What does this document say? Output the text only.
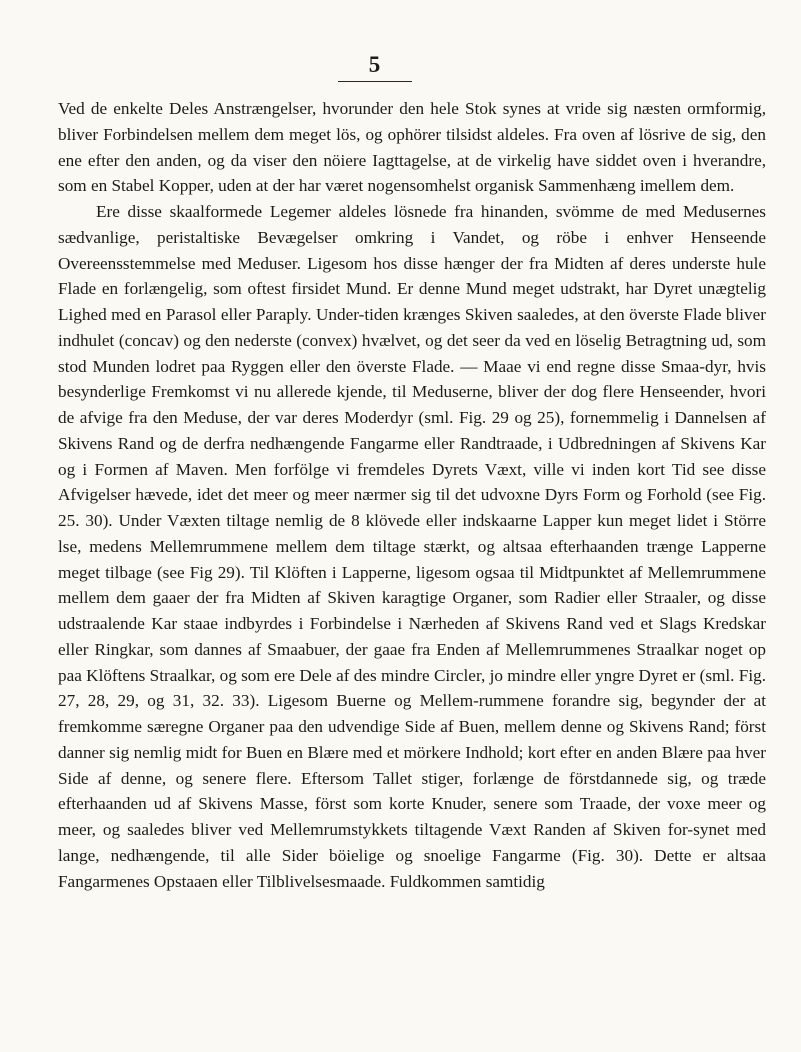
5

Ved de enkelte Deles Anstrængelser, hvorunder den hele Stok synes at vride sig næsten ormformig, bliver Forbindelsen mellem dem meget lös, og ophörer tilsidst aldeles. Fra oven af lösrive de sig, den ene efter den anden, og da viser den nöiere Iagttagelse, at de virkelig have siddet oven i hverandre, som en Stabel Kopper, uden at der har været nogensomhelst organisk Sammenhæng imellem dem.

Ere disse skaalformede Legemer aldeles lösnede fra hinanden, svömme de med Medusernes sædvanlige, peristaltiske Bevægelser omkring i Vandet, og röbe i enhver Henseende Overeensstemmelse med Meduser. Ligesom hos disse hænger der fra Midten af deres underste hule Flade en forlængelig, som oftest firsidet Mund. Er denne Mund meget udstrakt, har Dyret unægtelig Lighed med en Parasol eller Paraply. Under-tiden krænges Skiven saaledes, at den överste Flade bliver indhulet (concav) og den nederste (convex) hvælvet, og det seer da ved en löselig Betragtning ud, som stod Munden lodret paa Ryggen eller den överste Flade. — Maae vi end regne disse Smaa-dyr, hvis besynderlige Fremkomst vi nu allerede kjende, til Meduserne, bliver der dog flere Henseender, hvori de afvige fra den Meduse, der var deres Moderdyr (sml. Fig. 29 og 25), fornemmelig i Dannelsen af Skivens Rand og de derfra nedhængende Fangarme eller Randtraade, i Udbredningen af Skivens Kar og i Formen af Maven. Men forfölge vi fremdeles Dyrets Væxt, ville vi inden kort Tid see disse Afvigelser hævede, idet det meer og meer nærmer sig til det udvoxne Dyrs Form og Forhold (see Fig. 25. 30). Under Væxten tiltage nemlig de 8 klövede eller indskaarne Lapper kun meget lidet i Större lse, medens Mellemrummene mellem dem tiltage stærkt, og altsaa efterhaanden trænge Lapperne meget tilbage (see Fig 29). Til Klöften i Lapperne, ligesom ogsaa til Midtpunktet af Mellemrummene mellem dem gaaer der fra Midten af Skiven karagtige Organer, som Radier eller Straaler, og disse udstraalende Kar staae indbyrdes i Forbindelse i Nærheden af Skivens Rand ved et Slags Kredskar eller Ringkar, som dannes af Smaabuer, der gaae fra Enden af Mellemrummenes Straalkar noget op paa Klöftens Straalkar, og som ere Dele af des mindre Circler, jo mindre eller yngre Dyret er (sml. Fig. 27, 28, 29, og 31, 32. 33). Ligesom Buerne og Mellem-rummene forandre sig, begynder der at fremkomme særegne Organer paa den udvendige Side af Buen, mellem denne og Skivens Rand; först danner sig nemlig midt for Buen en Blære med et mörkere Indhold; kort efter en anden Blære paa hver Side af denne, og senere flere. Eftersom Tallet stiger, forlænge de förstdannede sig, og træde efterhaanden ud af Skivens Masse, först som korte Knuder, senere som Traade, der voxe meer og meer, og saaledes bliver ved Mellemrumstykkets tiltagende Væxt Randen af Skiven for-synet med lange, nedhængende, til alle Sider böielige og snoelige Fangarme (Fig. 30). Dette er altsaa Fangarmenes Opstaaen eller Tilblivelsesmaade. Fuldkommen samtidig
